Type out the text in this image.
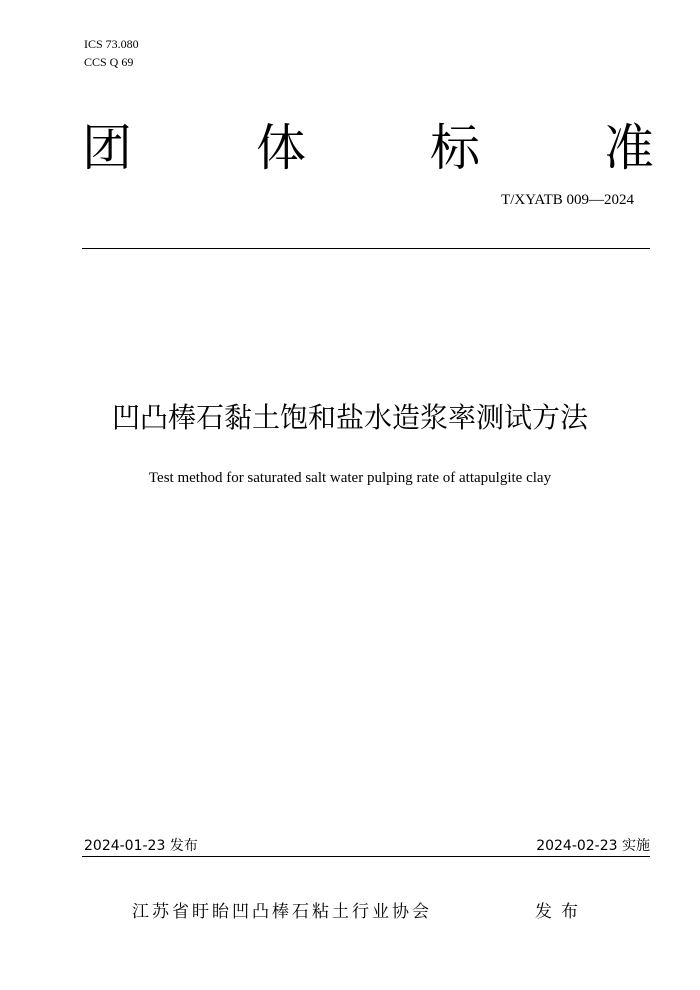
ICS 73.080
CCS Q 69
团 体 标 准
T/XYATB 009—2024
凹凸棒石黏土饱和盐水造浆率测试方法
Test method for saturated salt water pulping rate of attapulgite clay
2024-01-23 发布	2024-02-23 实施
江苏省盱眙凹凸棒石粘土行业协会	发布
